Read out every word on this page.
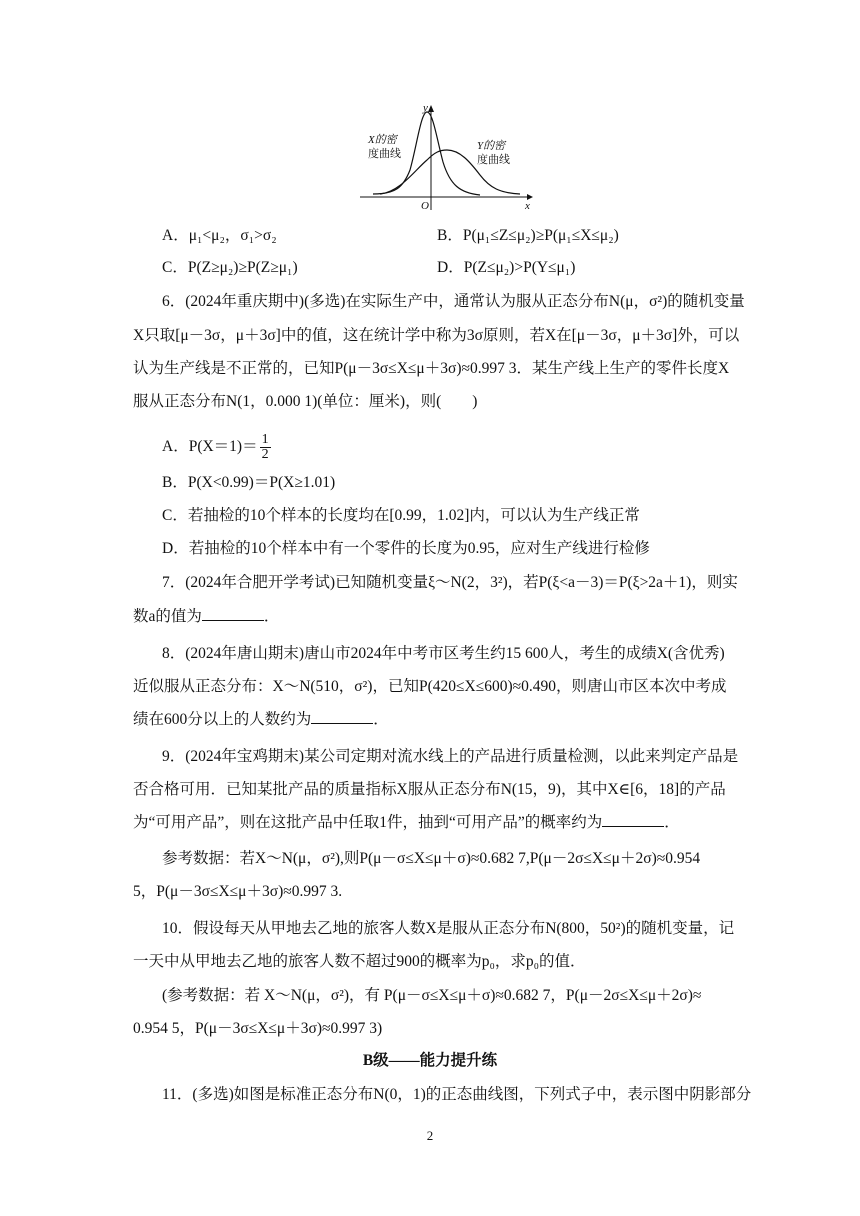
X的密
度曲线
Y的密
度曲线
y
x
O
A．μ₁<μ₂，σ₁>σ₂	B．P(μ₁≤Z≤μ₂)≥P(μ₁≤X≤μ₂)
C．P(Z≥μ₂)≥P(Z≥μ₁)	D．P(Z≤μ₂)>P(Y≤μ₁)
6．(2024年重庆期中)(多选)在实际生产中，通常认为服从正态分布N(μ，σ²)的随机变量
X只取[μ－3σ，μ＋3σ]中的值，这在统计学中称为3σ原则，若X在[μ－3σ，μ＋3σ]外，可以
认为生产线是不正常的，已知P(μ－3σ≤X≤μ＋3σ)≈0.997 3．某生产线上生产的零件长度X
服从正态分布N(1，0.000 1)(单位：厘米)，则(　　)
A．$P(X=1)= \frac{1}{2}$
B．P(X<0.99)＝P(X≥1.01)
C．若抽检的10个样本的长度均在[0.99，1.02]内，可以认为生产线正常
D．若抽检的10个样本中有一个零件的长度为0.95，应对生产线进行检修
7．(2024年合肥开学考试)已知随机变量ξ～N(2，3²)，若P(ξ<a－3)＝P(ξ>2a＋1)，则实
数a的值为	．
8．(2024年唐山期末)唐山市2024年中考市区考生约15 600人，考生的成绩X(含优秀)
近似服从正态分布：X～N(510，σ²)，已知P(420≤X≤600)≈0.490，则唐山市区本次中考成
绩在600分以上的人数约为	．
9．(2024年宝鸡期末)某公司定期对流水线上的产品进行质量检测，以此来判定产品是
否合格可用．已知某批产品的质量指标X服从正态分布N(15，9)，其中X∈[6，18]的产品
为“可用产品”，则在这批产品中任取1件，抽到“可用产品”的概率约为	．
参考数据：若X～N(μ，σ²),则P(μ－σ≤X≤μ＋σ)≈0.682 7,P(μ－2σ≤X≤μ＋2σ)≈0.954
5，P(μ－3σ≤X≤μ＋3σ)≈0.997 3.
10．假设每天从甲地去乙地的旅客人数X是服从正态分布N(800，50²)的随机变量，记
一天中从甲地去乙地的旅客人数不超过900的概率为p₀，求p₀的值．
(参考数据：若 X～N(μ，σ²)，有 P(μ－σ≤X≤μ＋σ)≈0.682 7，P(μ－2σ≤X≤μ＋2σ)≈
0.954 5，P(μ－3σ≤X≤μ＋3σ)≈0.997 3)
B级——能力提升练
11．(多选)如图是标准正态分布N(0，1)的正态曲线图，下列式子中，表示图中阴影部分
2
